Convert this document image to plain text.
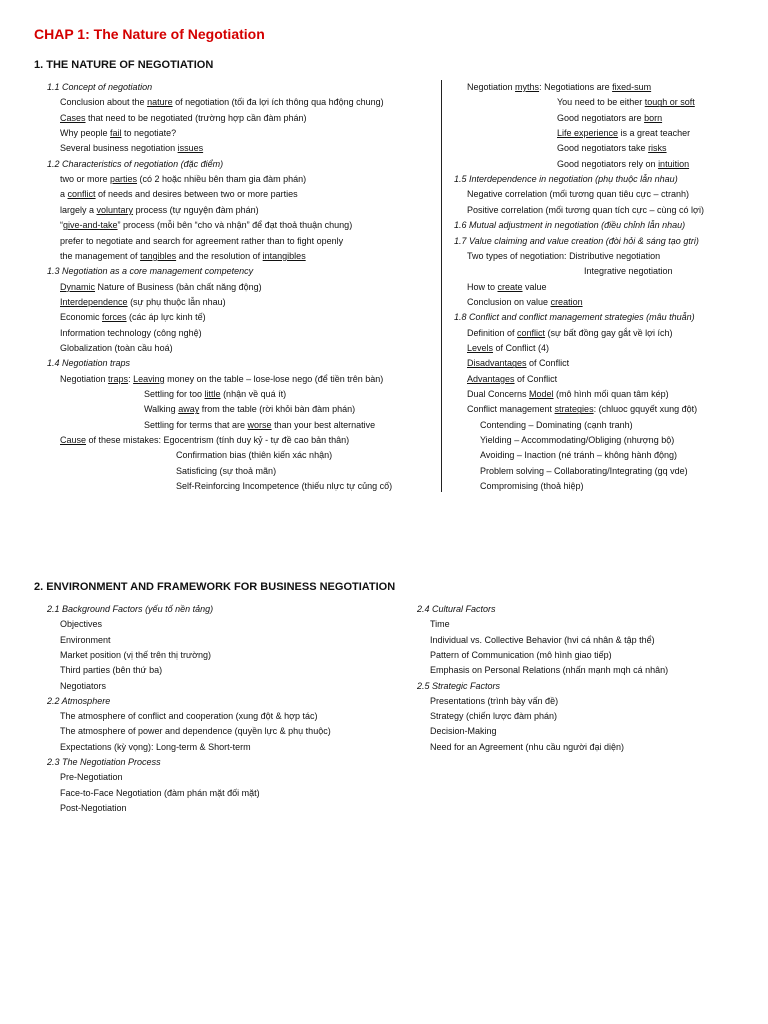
CHAP 1: The Nature of Negotiation
1. THE NATURE OF NEGOTIATION
2. ENVIRONMENT AND FRAMEWORK FOR BUSINESS NEGOTIATION
1.1 Concept of negotiation
Conclusion about the nature of negotiation (tối đa lợi ích thông qua hđộng chung)
Cases that need to be negotiated (trường hợp cần đàm phán)
Why people fail to negotiate?
Several business negotiation issues
1.2 Characteristics of negotiation (đặc điểm)
two or more parties (có 2 hoặc nhiều bên tham gia đàm phán)
a conflict of needs and desires between two or more parties
largely a voluntary process (tự nguyện đàm phán)
“give-and-take” process (mỗi bên “cho và nhận” để đạt thoả thuận chung)
prefer to negotiate and search for agreement rather than to fight openly
the management of tangibles and the resolution of intangibles
1.3 Negotiation as a core management competency
Dynamic Nature of Business (bản chất năng động)
Interdependence (sự phụ thuộc lẫn nhau)
Economic forces (các áp lực kinh tế)
Information technology (công nghệ)
Globalization (toàn cầu hoá)
1.4 Negotiation traps
Negotiation traps: Leaving money on the table – lose-lose nego (để tiền trên bàn)
Settling for too little (nhận về quá ít)
Walking away from the table (rời khỏi bàn đàm phán)
Settling for terms that are worse than your best alternative
Cause of these mistakes: Egocentrism (tính duy kỷ - tự đề cao bản thân)
Confirmation bias (thiên kiến xác nhận)
Satisficing (sự thoả mãn)
Self-Reinforcing Incompetence (thiếu nlực tự củng cố)
Negotiation myths: Negotiations are fixed-sum
You need to be either tough or soft
Good negotiators are born
Life experience is a great teacher
Good negotiators take risks
Good negotiators rely on intuition
1.5 Interdependence in negotiation (phụ thuộc lẫn nhau)
Negative correlation (mối tương quan tiêu cực – ctranh)
Positive correlation (mối tương quan tích cực – cùng có lợi)
1.6 Mutual adjustment in negotiation (điều chỉnh lẫn nhau)
1.7 Value claiming and value creation (đòi hỏi & sáng tạo gtri)
Two types of negotiation: Distributive negotiation
Integrative negotiation
How to create value
Conclusion on value creation
1.8 Conflict and conflict management strategies (mâu thuẫn)
Definition of conflict (sự bất đồng gay gắt về lợi ích)
Levels of Conflict (4)
Disadvantages of Conflict
Advantages of Conflict
Dual Concerns Model (mô hình mối quan tâm kép)
Conflict management strategies: (chluoc gquyết xung đột)
Contending – Dominating (cạnh tranh)
Yielding – Accommodating/Obliging (nhượng bộ)
Avoiding – Inaction (né tránh – không hành động)
Problem solving – Collaborating/Integrating (gq vde)
Compromising (thoả hiệp)
2.1 Background Factors (yếu tố nền tảng)
Objectives
Environment
Market position (vị thế trên thị trường)
Third parties (bên thứ ba)
Negotiators
2.2 Atmosphere
The atmosphere of conflict and cooperation (xung đột & hợp tác)
The atmosphere of power and dependence (quyền lực & phụ thuộc)
Expectations (kỳ vọng): Long-term & Short-term
2.3 The Negotiation Process
Pre-Negotiation
Face-to-Face Negotiation (đàm phán mặt đối mặt)
Post-Negotiation
2.4 Cultural Factors
Time
Individual vs. Collective Behavior (hvi cá nhân & tập thể)
Pattern of Communication (mô hình giao tiếp)
Emphasis on Personal Relations (nhấn mạnh mqh cá nhân)
2.5 Strategic Factors
Presentations (trình bày vấn đề)
Strategy (chiến lược đàm phán)
Decision-Making
Need for an Agreement (nhu cầu người đại diện)
